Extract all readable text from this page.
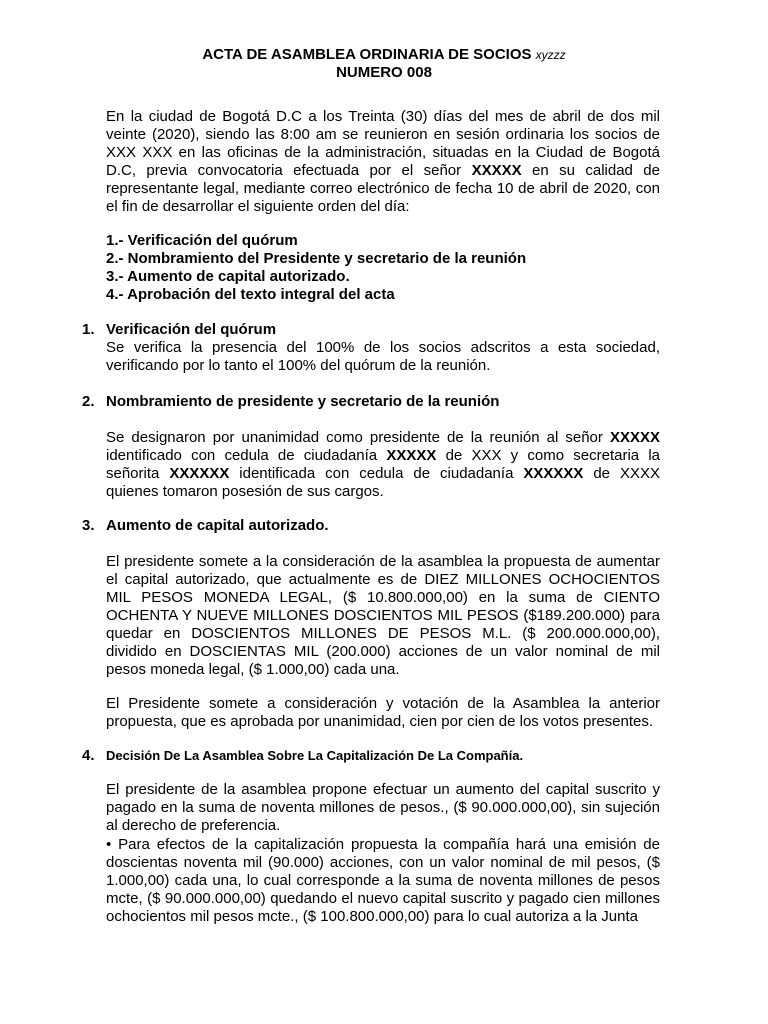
ACTA DE ASAMBLEA ORDINARIA DE SOCIOS xyzzz
NUMERO 008

En la ciudad de Bogotá D.C a los Treinta (30) días del mes de abril de dos mil veinte (2020), siendo las 8:00 am se reunieron en sesión ordinaria los socios de XXX XXX en las oficinas de la administración, situadas en la Ciudad de Bogotá D.C, previa convocatoria efectuada por el señor XXXXX en su calidad de representante legal, mediante correo electrónico de fecha 10 de abril de 2020, con el fin de desarrollar el siguiente orden del día:

1.- Verificación del quórum
2.- Nombramiento del Presidente y secretario de la reunión
3.- Aumento de capital autorizado.
4.- Aprobación del texto integral del acta
1. Verificación del quórum

Se verifica la presencia del 100% de los socios adscritos a esta sociedad, verificando por lo tanto el 100% del quórum de la reunión.

2. Nombramiento de presidente y secretario de la reunión

Se designaron por unanimidad como presidente de la reunión al señor XXXXX identificado con cedula de ciudadanía XXXXX de XXX y como secretaria la señorita XXXXXX identificada con cedula de ciudadanía XXXXXX de XXXX quienes tomaron posesión de sus cargos.

3. Aumento de capital autorizado.

El presidente somete a la consideración de la asamblea la propuesta de aumentar el capital autorizado, que actualmente es de DIEZ MILLONES OCHOCIENTOS MIL PESOS MONEDA LEGAL, ($ 10.800.000,00) en la suma de CIENTO OCHENTA Y NUEVE MILLONES DOSCIENTOS MIL PESOS ($189.200.000) para quedar en DOSCIENTOS MILLONES DE PESOS M.L. ($ 200.000.000,00), dividido en DOSCIENTAS MIL (200.000) acciones de un valor nominal de mil pesos moneda legal, ($ 1.000,00) cada una.

El Presidente somete a consideración y votación de la Asamblea la anterior propuesta, que es aprobada por unanimidad, cien por cien de los votos presentes.

4. Decisión De La Asamblea Sobre La Capitalización De La Compañía.

El presidente de la asamblea propone efectuar un aumento del capital suscrito y pagado en la suma de noventa millones de pesos., ($ 90.000.000,00), sin sujeción al derecho de preferencia.

• Para efectos de la capitalización propuesta la compañía hará una emisión de doscientas noventa mil (90.000) acciones, con un valor nominal de mil pesos, ($ 1.000,00) cada una, lo cual corresponde a la suma de noventa millones de pesos mcte, ($ 90.000.000,00) quedando el nuevo capital suscrito y pagado cien millones ochocientos mil pesos mcte., ($ 100.800.000,00) para lo cual autoriza a la Junta
